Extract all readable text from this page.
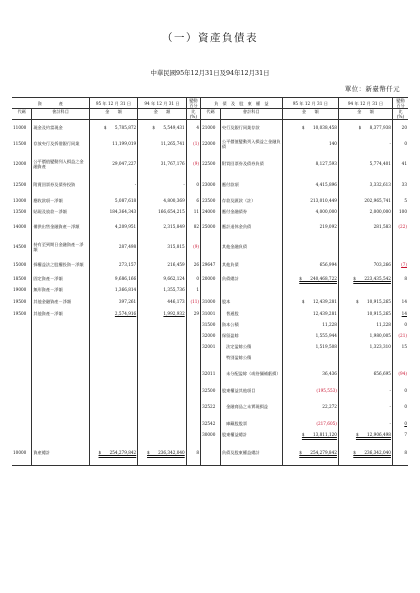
（一）資產負債表
中華民國95年12月31日及94年12月31日
單位：新臺幣仟元
資　　　　產		95 年 12 月 31 日	94 年 12 月 31 日	變動	負　債　及　股　東　權　益		95 年 12 月 31 日	94 年 12 月 31 日	變動
				百分					百分
代碼	會計科目	金　　額	金　　額	比	代碼	會計科目	金　　額	金　　額	比
				(%)					(%)
11000	現金及約當現金	$　　5,785,872	$　　5,549,431	4	21000	央行及銀行同業存款	$　　10,038,458	$　　8,377,938	20
11500	存放央行及拆借銀行同業	11,199,019	11,265,741	(1)	22000	公平價值變動列入損益之金融負債	140	-	0
12000	公平價值變動列入損益之金融資產	29,047,227	31,767,176	(9)	22500	附買回票券及債券負債	8,127,593	5,774,401	41
12500	附賣回票券及債券投資	-	-	0	23000	應付款項	4,415,896	3,332,613	33
13000	應收款項－淨額	5,087,618	4,800,369	6	23500	存款及匯款（註）	213,010,449	202,965,741	5
13500	貼現及放款－淨額	184,364,343	166,654,215	11	24000	應付金融債券	4,000,000	2,000,000	100
14000	備供出售金融資產－淨額	4,209,951	2,315,849	82	25000	應計退休金負債	219,092	281,583	(22)
14500	持有至到期日金融資產－淨額	287,498	315,815	(9)		其他金融負債			
15000	採權益法之股權投資－淨額	273,157	216,459	26	29647	其他負債	656,994	703,266	(7)
18500	固定資產－淨額	9,686,166	9,662,124	0	20000	負債總計	$　　240,468,722	$　　223,435,542	8
19000	無形資產－淨額	1,366,814	1,355,736	1					
19500	其他金融資產－淨額	397,261	446,173	(11)	31000	股本	$　　12,439,281	$　　10,915,265	14
19500	其他資產－淨額	2,574,916	1,992,932	29	31001	　普通股	12,439,281	10,915,265	14
					31500	資本公積	11,228	11,228	0
					32000	保留盈餘	1,555,944	1,980,005	(21)
					32001	　法定盈餘公積	1,519,508	1,323,310	15
						　特別盈餘公積			
					32011	　未分配盈餘（或待彌補虧損）	36,436	656,695	(94)
					32500	股東權益其他項目	(195,553)	-	0
					32522	　金融商品之未實現損益	22,272	-	0
					32542	　庫藏股股票	(217,605)	-	0
					30000	股東權益總計	$　　13,811,120	$　　12,906,498	7
10000	資產總計	$　　254,279,842	$　　236,342,040	8		負債及股東權益總計	$　　254,279,842	$　　236,342,040	8
